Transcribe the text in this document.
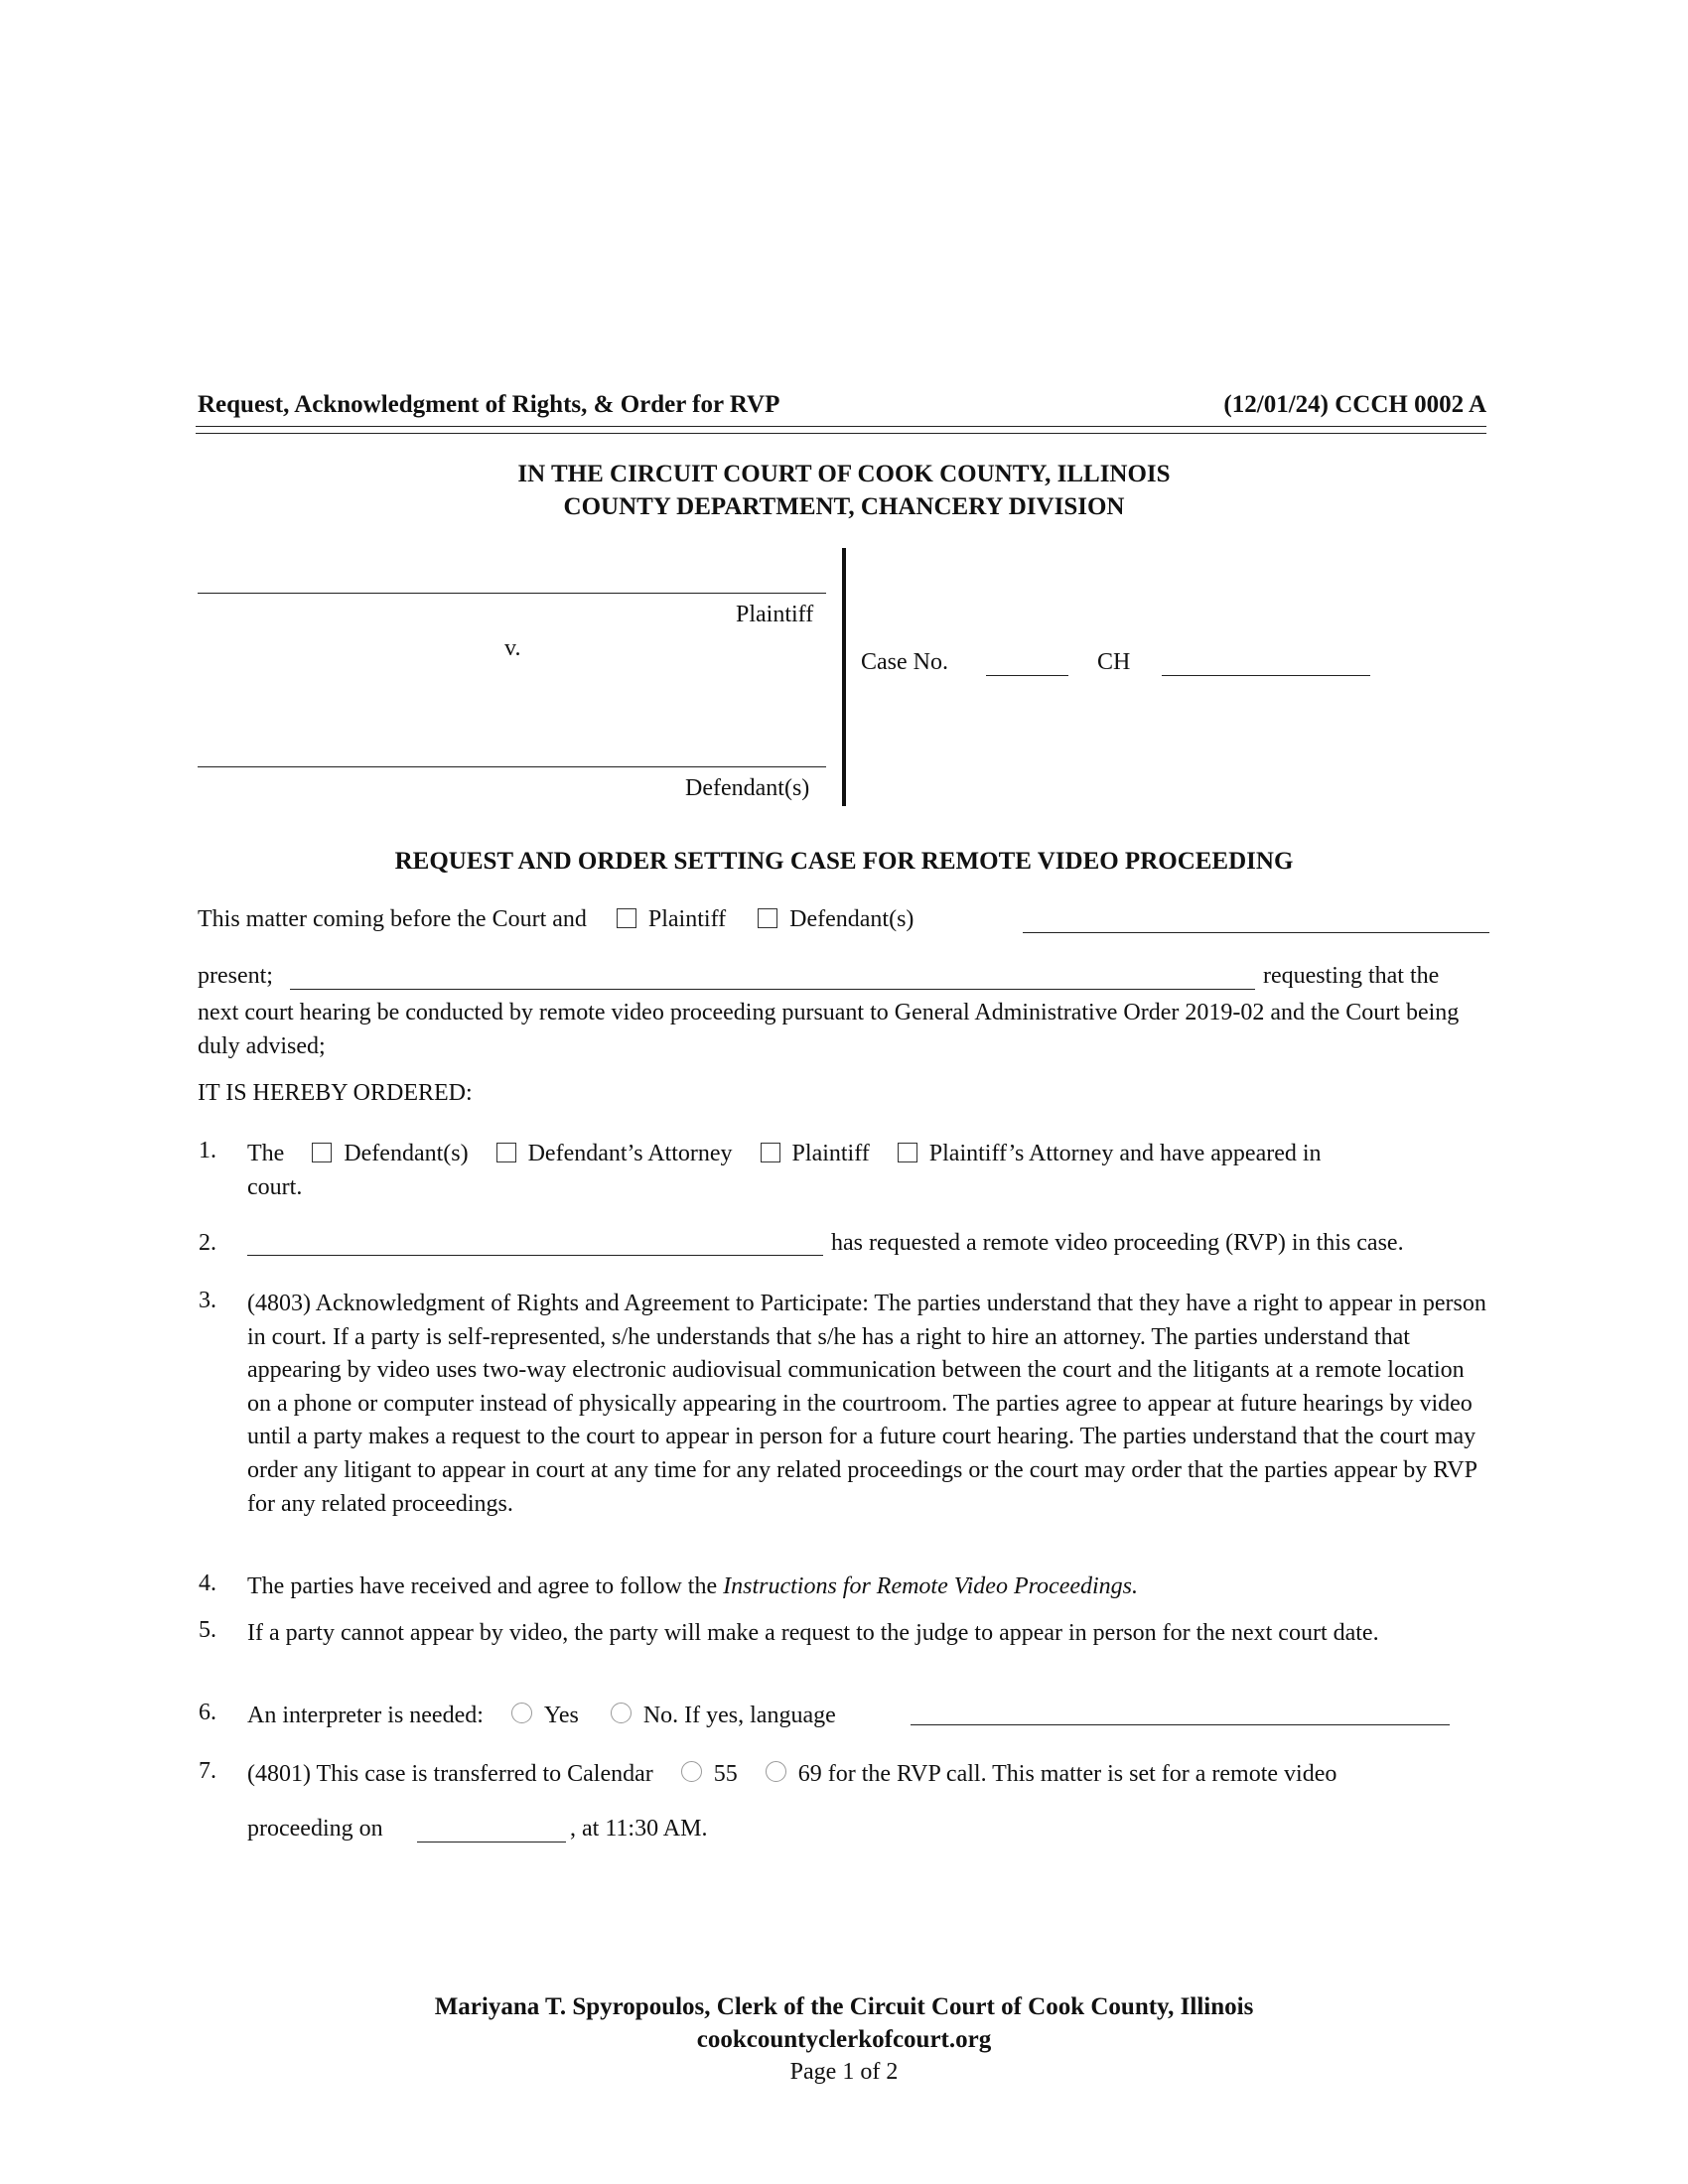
Request, Acknowledgment of Rights, & Order for RVP	(12/01/24) CCCH 0002 A
IN THE CIRCUIT COURT OF COOK COUNTY, ILLINOIS
COUNTY DEPARTMENT, CHANCERY DIVISION
Plaintiff
v.
Defendant(s)
Case No.	CH
REQUEST AND ORDER SETTING CASE FOR REMOTE VIDEO PROCEEDING
This matter coming before the Court and	Plaintiff	Defendant(s)
present;	requesting that the
next court hearing be conducted by remote video proceeding pursuant to General Administrative Order 2019-02 and the Court being duly advised;
IT IS HEREBY ORDERED:
1. The	Defendant(s)	Defendant’s Attorney	Plaintiff	Plaintiff’s Attorney and have appeared in
court.
2.	has requested a remote video proceeding (RVP) in this case.
3. (4803) Acknowledgment of Rights and Agreement to Participate: The parties understand that they have a right to appear in person in court. If a party is self-represented, s/he understands that s/he has a right to hire an attorney. The parties understand that appearing by video uses two-way electronic audiovisual communication between the court and the litigants at a remote location on a phone or computer instead of physically appearing in the courtroom. The parties agree to appear at future hearings by video until a party makes a request to the court to appear in person for a future court hearing. The parties understand that the court may order any litigant to appear in court at any time for any related proceedings or the court may order that the parties appear by RVP for any related proceedings.
4. The parties have received and agree to follow the Instructions for Remote Video Proceedings.
5. If a party cannot appear by video, the party will make a request to the judge to appear in person for the next court date.
6. An interpreter is needed:	Yes	No. If yes, language
7. (4801) This case is transferred to Calendar	55	69 for the RVP call. This matter is set for a remote video
proceeding on	, at 11:30 AM.
Mariyana T. Spyropoulos, Clerk of the Circuit Court of Cook County, Illinois
cookcountyclerkofcourt.org
Page 1 of 2
